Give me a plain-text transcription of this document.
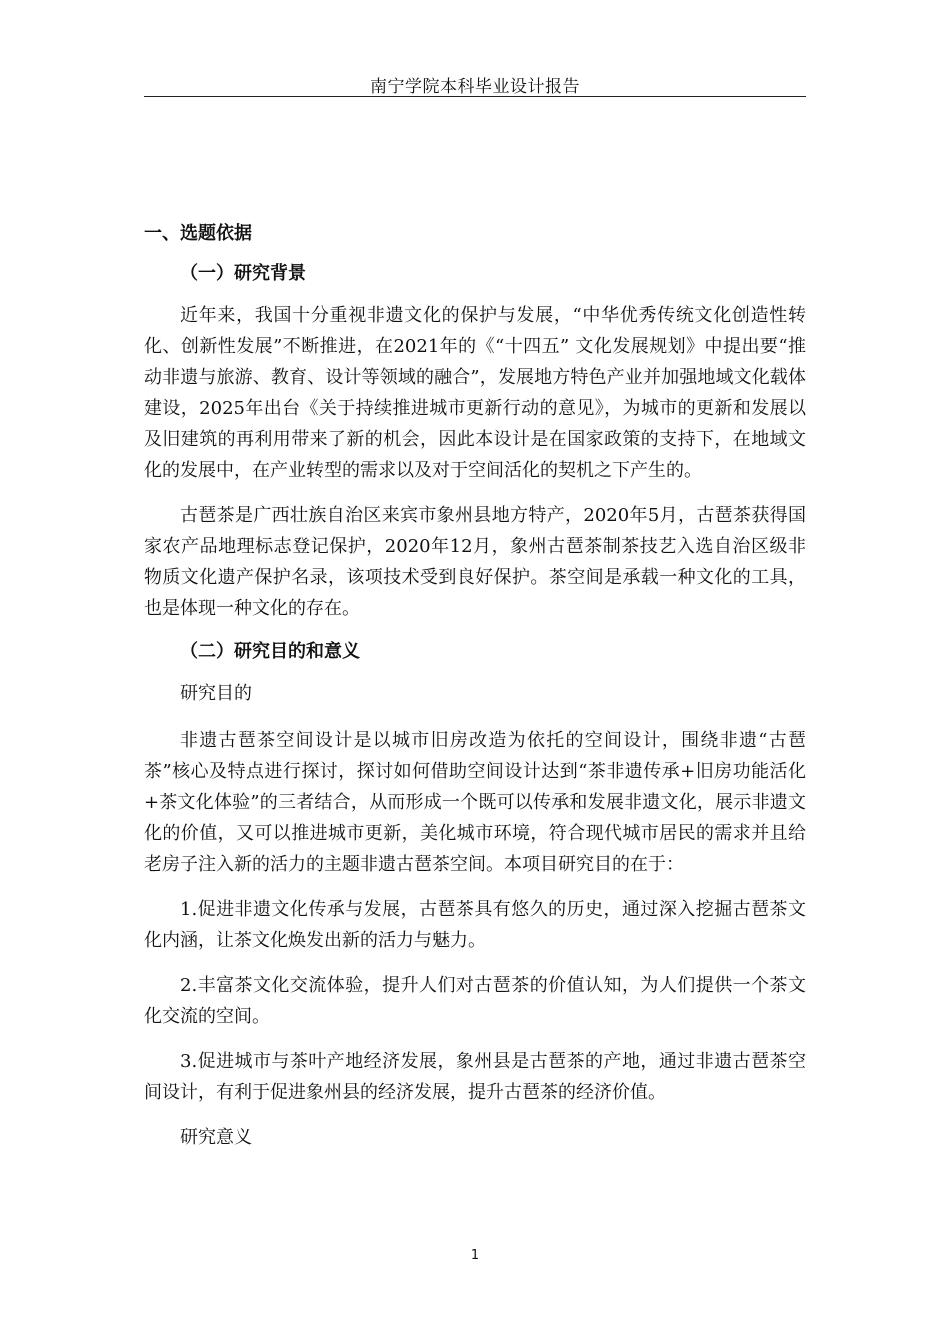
南宁学院本科毕业设计报告
一、选题依据
（一）研究背景

近年来，我国十分重视非遗文化的保护与发展，“中华优秀传统文化创造性转化、创新性发展”不断推进，在2021年的《“十四五” 文化发展规划》中提出要“推动非遗与旅游、教育、设计等领域的融合”，发展地方特色产业并加强地域文化载体建设，2025年出台《关于持续推进城市更新行动的意见》，为城市的更新和发展以及旧建筑的再利用带来了新的机会，因此本设计是在国家政策的支持下，在地域文化的发展中，在产业转型的需求以及对于空间活化的契机之下产生的。

古琶茶是广西壮族自治区来宾市象州县地方特产，2020年5月，古琶茶获得国家农产品地理标志登记保护，2020年12月，象州古琶茶制茶技艺入选自治区级非物质文化遗产保护名录，该项技术受到良好保护。茶空间是承载一种文化的工具，也是体现一种文化的存在。

（二）研究目的和意义

研究目的

非遗古琶茶空间设计是以城市旧房改造为依托的空间设计，围绕非遗“古琶茶”核心及特点进行探讨，探讨如何借助空间设计达到“茶非遗传承+旧房功能活化+茶文化体验”的三者结合，从而形成一个既可以传承和发展非遗文化，展示非遗文化的价值，又可以推进城市更新，美化城市环境，符合现代城市居民的需求并且给老房子注入新的活力的主题非遗古琶茶空间。本项目研究目的在于：

1.促进非遗文化传承与发展，古琶茶具有悠久的历史，通过深入挖掘古琶茶文化内涵，让茶文化焕发出新的活力与魅力。

2.丰富茶文化交流体验，提升人们对古琶茶的价值认知，为人们提供一个茶文化交流的空间。

3.促进城市与茶叶产地经济发展，象州县是古琶茶的产地，通过非遗古琶茶空间设计，有利于促进象州县的经济发展，提升古琶茶的经济价值。

研究意义

1
